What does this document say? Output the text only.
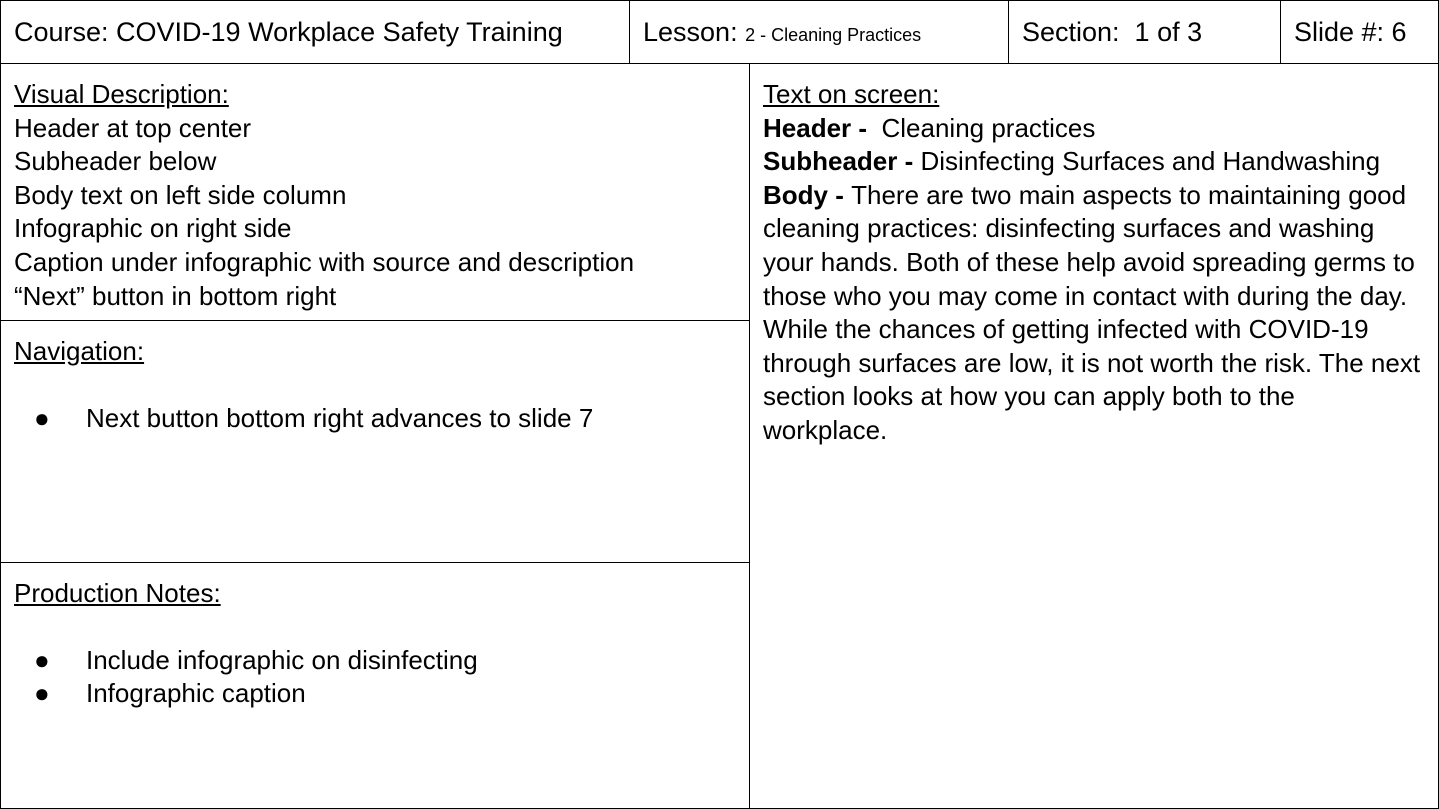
Course: COVID-19 Workplace Safety Training	Lesson: 2 - Cleaning Practices	Section:  1 of 3	Slide #: 6
Visual Description:
Header at top center
Subheader below
Body text on left side column
Infographic on right side
Caption under infographic with source and description
“Next” button in bottom right
Navigation:
● Next button bottom right advances to slide 7
Production Notes:
● Include infographic on disinfecting
● Infographic caption
Text on screen:
Header -  Cleaning practices
Subheader - Disinfecting Surfaces and Handwashing
Body - There are two main aspects to maintaining good cleaning practices: disinfecting surfaces and washing your hands. Both of these help avoid spreading germs to those who you may come in contact with during the day. While the chances of getting infected with COVID-19 through surfaces are low, it is not worth the risk. The next section looks at how you can apply both to the workplace.
